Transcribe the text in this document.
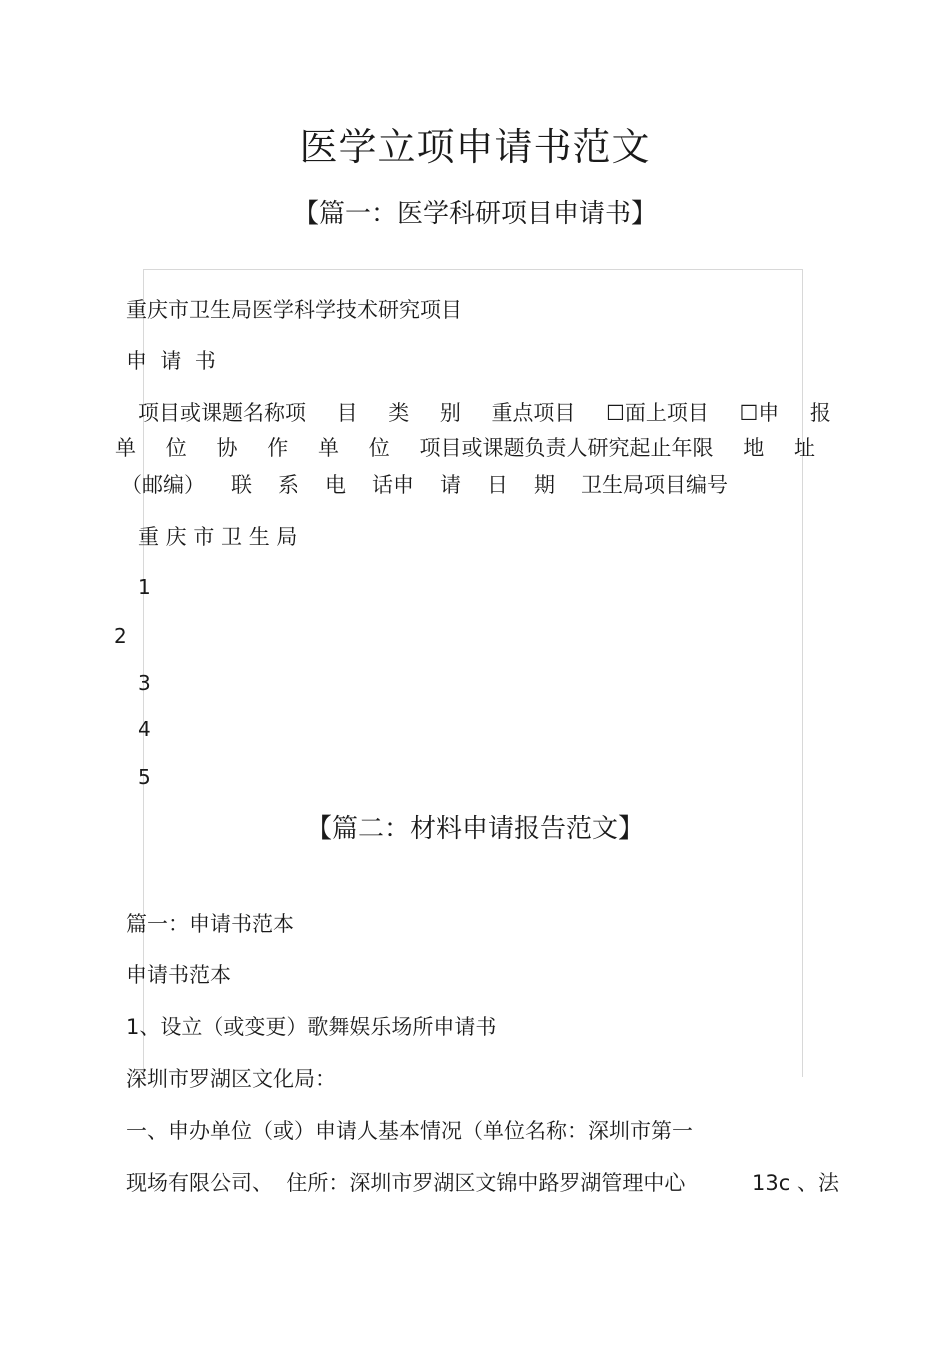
医学立项申请书范文
【篇一：医学科研项目申请书】
重庆市卫生局医学科学技术研究项目
申  请  书
项目或课题名称项 目 类 别 重点项目 ☐面上项目 ☐申 报
单 位 协 作 单 位 项目或课题负责人研究起止年限 地 址
（邮编） 联 系 电 话申 请 日 期 卫生局项目编号
重 庆 市 卫 生 局
1
2
3
4
5
【篇二：材料申请报告范文】
篇一：申请书范本
申请书范本
1、设立（或变更）歌舞娱乐场所申请书
深圳市罗湖区文化局：
一、申办单位（或）申请人基本情况（单位名称：深圳市第一
现场有限公司、  住所：深圳市罗湖区文锦中路罗湖管理中心	13c 、法
